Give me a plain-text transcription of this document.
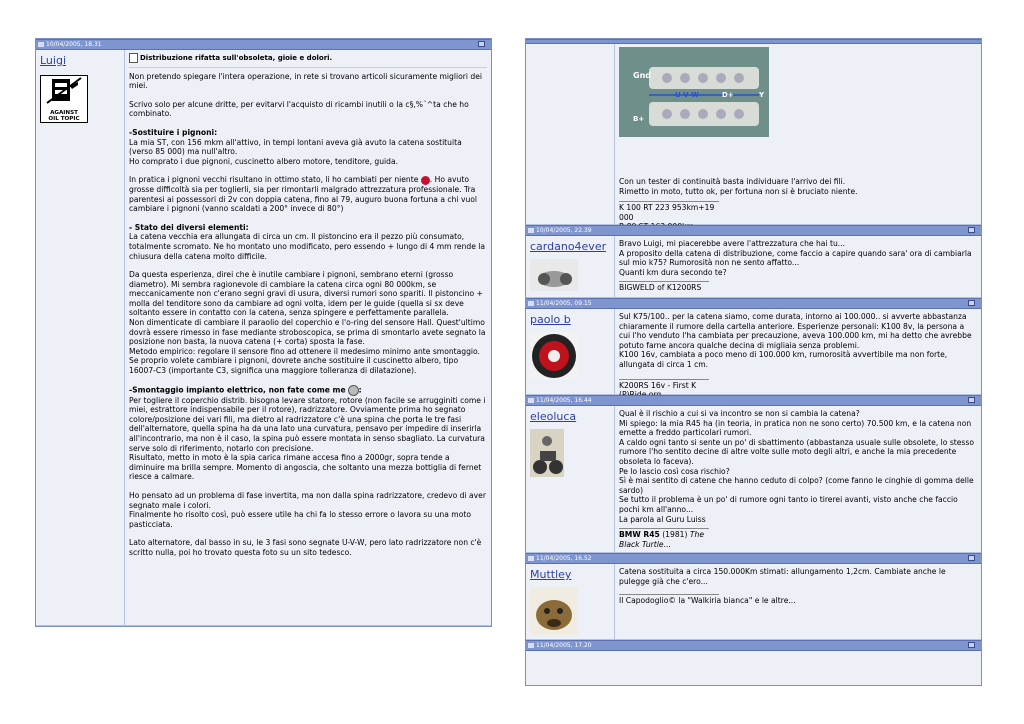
10/04/2005, 18.31
Luigi
AGAINST
OIL TOPIC
Distribuzione rifatta sull'obsoleta, gioie e dolori.

Non pretendo spiegare l'intera operazione, in rete si trovano articoli sicuramente migliori dei miei.

Scrivo solo per alcune dritte, per evitarvi l'acquisto di ricambi inutili o la c§,%¨^ta che ho combinato.

-Sostituire i pignoni:

La mia ST, con 156 mkm all'attivo, in tempi lontani aveva già avuto la catena sostituita (verso 85 000) ma null'altro.
Ho comprato i due pignoni, cuscinetto albero motore, tenditore, guida.

In pratica i pignoni vecchi risultano in ottimo stato, li ho cambiati per niente . Ho avuto grosse difficoltà sia per toglierli, sia per rimontarli malgrado attrezzatura professionale. Tra parentesi ai possessori di 2v con doppia catena, fino al 79, auguro buona fortuna a chi vuol cambiare i pignoni (vanno scaldati a 200° invece di 80°)

- Stato dei diversi elementi:

La catena vecchia era allungata di circa un cm. Il pistoncino era il pezzo più consumato, totalmente scromato. Ne ho montato uno modificato, pero essendo + lungo di 4 mm rende la chiusura della catena molto difficile.

Da questa esperienza, direi che è inutile cambiare i pignoni, sembrano eterni (grosso diametro). Mi sembra ragionevole di cambiare la catena circa ogni 80 000km, se meccanicamente non c'erano segni gravi di usura, diversi rumori sono spariti. Il pistoncino + molla del tenditore sono da cambiare ad ogni volta, idem per le guide (quella si sx deve soltanto essere in contatto con la catena, senza spingere e perfettamente parallela.
Non dimenticate di cambiare il paraolio del coperchio e l'o-ring del sensore Hall. Quest'ultimo dovrà essere rimesso in fase mediante stroboscopica, se prima di smontarlo avete segnato la posizione non basta, la nuova catena (+ corta) sposta la fase.
Metodo empirico: regolare il sensore fino ad ottenere il medesimo minimo ante smontaggio.
Se proprio volete cambiare i pignoni, dovrete anche sostituire il cuscinetto albero, tipo 16007-C3 (importante C3, significa una maggiore tolleranza di dilatazione).

-Smontaggio impianto elettrico, non fate come me :

Per togliere il coperchio distrib. bisogna levare statore, rotore (non facile se arrugginiti come i miei, estrattore indispensabile per il rotore), radrizzatore. Ovviamente prima ho segnato colore/posizione dei vari fili, ma dietro al radrizzatore c'è una spina che porta le tre fasi dell'alternatore, quella spina ha da una lato una curvatura, pensavo per impedire di inserirla all'incontrario, ma non è il caso, la spina può essere montata in senso sbagliato. La curvatura serve solo di riferimento, notarlo con precisione.
Risultato, metto in moto è la spia carica rimane accesa fino a 2000gr, sopra tende a diminuire ma brilla sempre. Momento di angoscia, che soltanto una mezza bottiglia di fernet riesce a calmare.

Ho pensato ad un problema di fase invertita, ma non dalla spina radrizzatore, credevo di aver segnato male i colori.
Finalmente ho risolto così, può essere utile ha chi fa lo stesso errore o lavora su una moto pasticciata.

Lato alternatore, dal basso in su, le 3 fasi sono segnate U-V-W, pero lato radrizzatore non c'è scritto nulla, poi ho trovato questa foto su un sito tedesco.

Gnd
U V W	D+	Y
B+
Con un tester di continuità basta individuare l'arrivo dei fili.
Rimetto in moto, tutto ok, per fortuna non si è bruciato niente.
K 100 RT 223 953km+19 000

10/04/2005, 22.39
cardano4ever	Bravo Luigi, mi piacerebbe avere l'attrezzatura che hai tu...
A proposito della catena di distribuzione, come faccio a capire quando sara' ora di cambiarla sul mio k75? Rumorosità non ne sento affatto...
Quanti km dura secondo te?
BIGWELD of K1200RS
11/04/2005, 09.15
paolo b	Sul K75/100.. per la catena siamo, come durata, intorno ai 100.000.. si avverte abbastanza chiaramente il rumore della cartella anteriore. Esperienze personali: K100 8v, la persona a cui l'ho venduto l'ha cambiata per precauzione, aveva 100.000 km, mi ha detto che avrebbe potuto farne ancora qualche decina di migliaia senza problemi.
K100 16v, cambiata a poco meno di 100.000 km, rumorosità avvertibile ma non forte, allungata di circa 1 cm.
K200RS 16v - First K
11/04/2005, 16.44
eleoluca	Qual è il rischio a cui si va incontro se non si cambia la catena?
Mi spiego: la mia R45 ha (in teoria, in pratica non ne sono certo) 70.500 km, e la catena non emette a freddo particolari rumori.
A caldo ogni tanto si sente un po' di sbattimento (abbastanza usuale sulle obsolete, lo stesso rumore l'ho sentito decine di altre volte sulle moto degli altri, e anche la mia precedente obsoleta lo faceva).
Pe lo lascio così cosa rischio?
Sì è mai sentito di catene che hanno ceduto di colpo? (come fanno le cinghie di gomma delle sardo)
Se tutto il problema è un po' di rumore ogni tanto io tirerei avanti, visto anche che faccio pochi km all'anno...
La parola al Guru Luiss
BMW R45 (1981) The Black Turtle...
11/04/2005, 16.52
Muttley	Catena sostituita a circa 150.000Km stimati: allungamento 1,2cm. Cambiate anche le pulegge già che c'ero...
Il Capodoglio© la "Walkiria bianca" e le altre...
11/04/2005, 17.20
